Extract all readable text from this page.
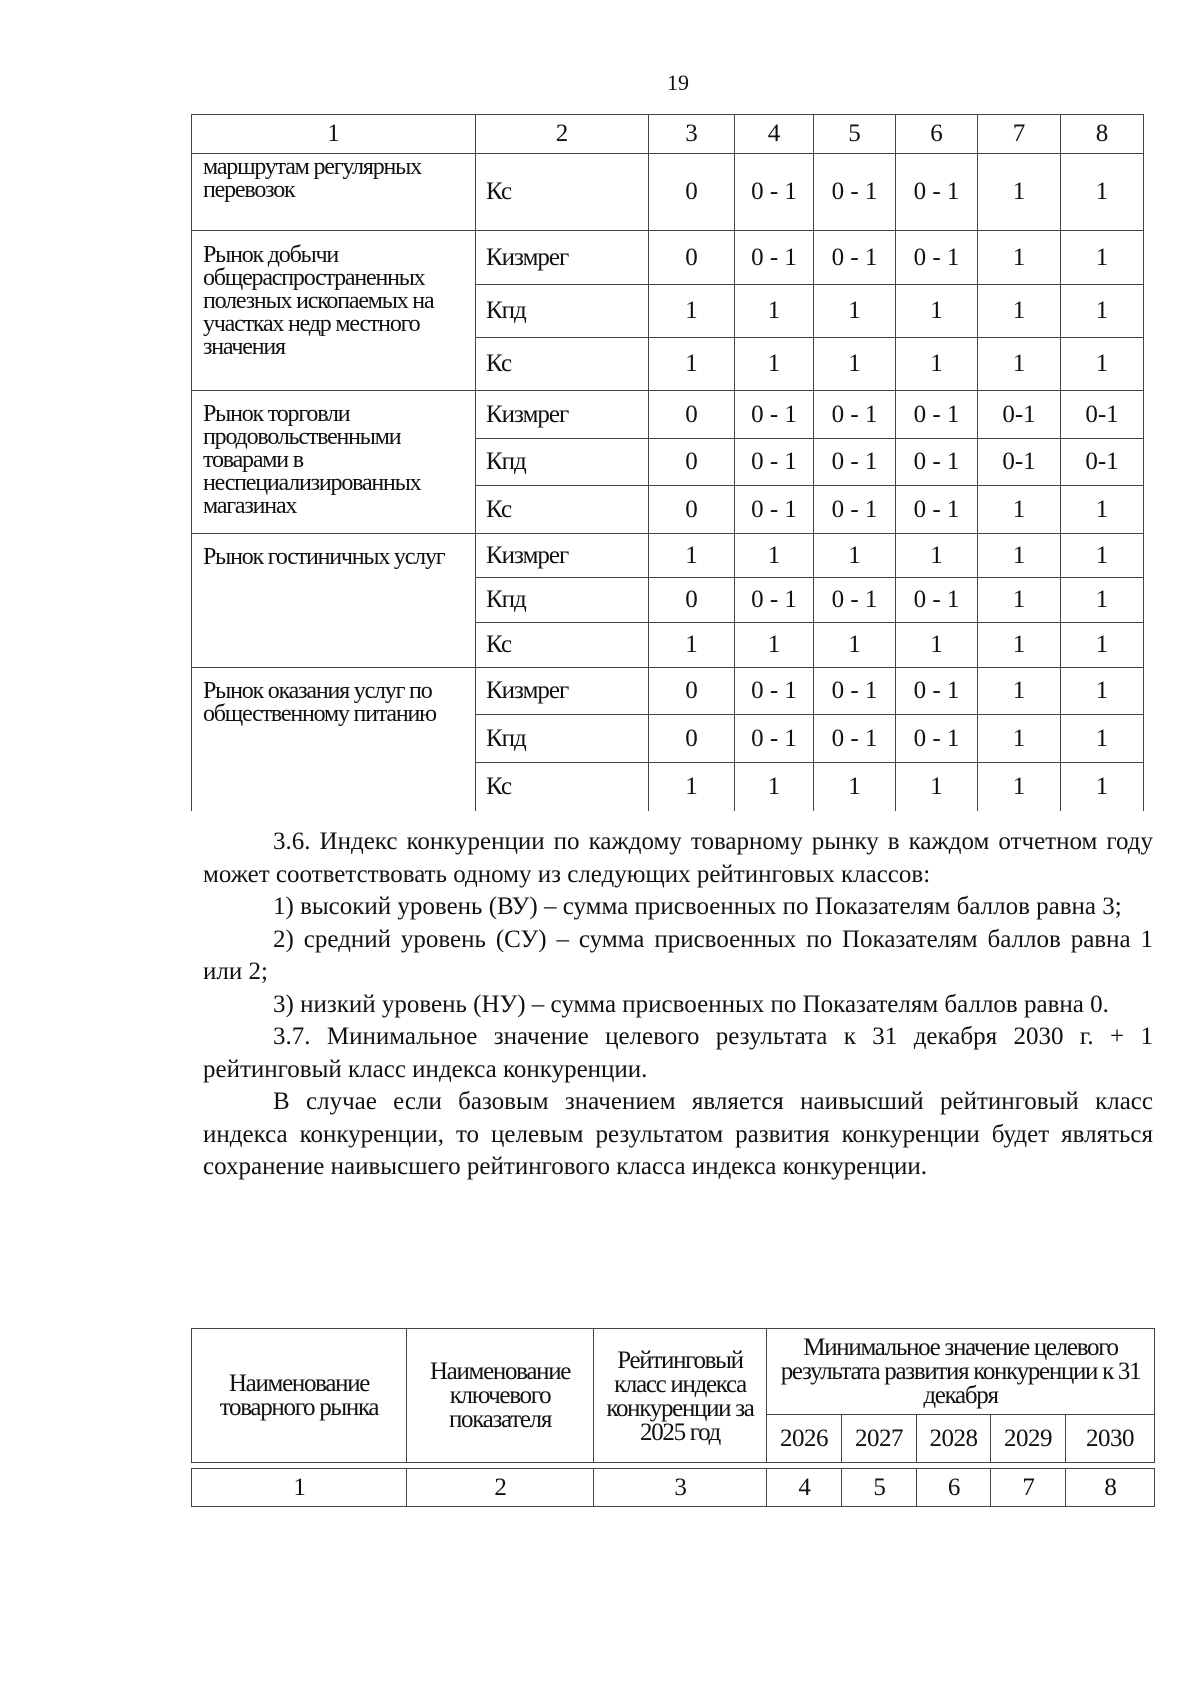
19
1	2	3	4	5	6	7	8
маршрутам регулярных перевозок	Кс	0	0 - 1	0 - 1	0 - 1	1	1
Рынок добычи общераспространенных полезных ископаемых на участках недр местного значения	Кизмрег	0	0 - 1	0 - 1	0 - 1	1	1
	Кпд	1	1	1	1	1	1
	Кс	1	1	1	1	1	1
Рынок торговли продовольственными товарами в неспециализированных магазинах	Кизмрег	0	0 - 1	0 - 1	0 - 1	0-1	0-1
	Кпд	0	0 - 1	0 - 1	0 - 1	0-1	0-1
	Кс	0	0 - 1	0 - 1	0 - 1	1	1
Рынок гостиничных услуг	Кизмрег	1	1	1	1	1	1
	Кпд	0	0 - 1	0 - 1	0 - 1	1	1
	Кс	1	1	1	1	1	1
Рынок оказания услуг по общественному питанию	Кизмрег	0	0 - 1	0 - 1	0 - 1	1	1
	Кпд	0	0 - 1	0 - 1	0 - 1	1	1
	Кс	1	1	1	1	1	1

3.6. Индекс конкуренции по каждому товарному рынку в каждом отчетном году может соответствовать одному из следующих рейтинговых классов:

1) высокий уровень (ВУ) – сумма присвоенных по Показателям баллов равна 3;

2) средний уровень (СУ) – сумма присвоенных по Показателям баллов равна 1 или 2;

3) низкий уровень (НУ) – сумма присвоенных по Показателям баллов равна 0.

3.7. Минимальное значение целевого результата к 31 декабря 2030 г. + 1 рейтинговый класс индекса конкуренции.

В случае если базовым значением является наивысший рейтинговый класс индекса конкуренции, то целевым результатом развития конкуренции будет являться сохранение наивысшего рейтингового класса индекса конкуренции.

Наименование товарного рынка	Наименование ключевого показателя	Рейтинговый класс индекса конкуренции за 2025 год	Минимальное значение целевого результата развития конкуренции к 31 декабря				
			2026	2027	2028	2029	2030

1	2	3	4	5	6	7	8
